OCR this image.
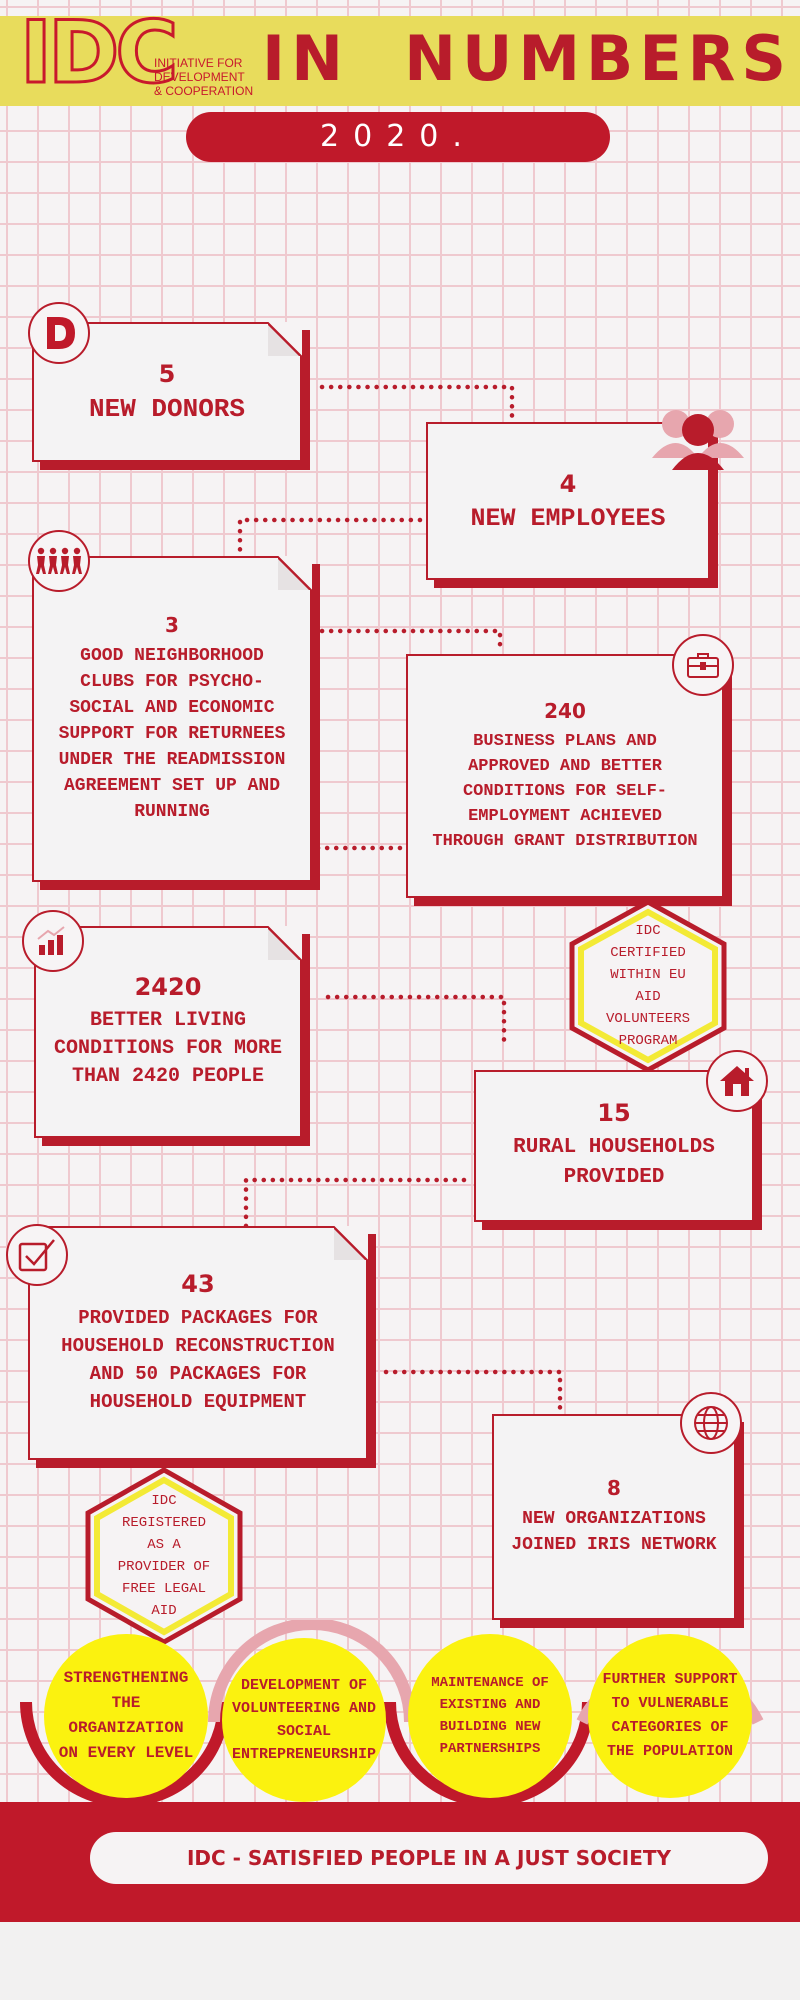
IDC
INITIATIVE FOR DEVELOPMENT & COOPERATION IN  NUMBERS
2020.
5
NEW DONORS
4
NEW EMPLOYEES
3
GOOD NEIGHBORHOOD CLUBS FOR PSYCHO-SOCIAL AND ECONOMIC SUPPORT FOR RETURNEES UNDER THE READMISSION AGREEMENT SET UP AND RUNNING
240
BUSINESS PLANS AND APPROVED AND BETTER CONDITIONS FOR SELF-EMPLOYMENT ACHIEVED THROUGH GRANT DISTRIBUTION
IDC CERTIFIED WITHIN EU AID VOLUNTEERS PROGRAM
2420
BETTER LIVING CONDITIONS FOR MORE THAN 2420 PEOPLE
15
RURAL HOUSEHOLDS PROVIDED
43
PROVIDED PACKAGES FOR HOUSEHOLD RECONSTRUCTION AND 50 PACKAGES FOR HOUSEHOLD EQUIPMENT
8
NEW ORGANIZATIONS JOINED IRIS NETWORK
IDC REGISTERED AS A PROVIDER OF FREE LEGAL AID
STRENGTHENING THE ORGANIZATION ON EVERY LEVEL
DEVELOPMENT OF VOLUNTEERING AND SOCIAL ENTREPRENEURSHIP
MAINTENANCE OF EXISTING AND BUILDING NEW PARTNERSHIPS
FURTHER SUPPORT TO VULNERABLE CATEGORIES OF THE POPULATION
IDC - SATISFIED PEOPLE IN A JUST SOCIETY
